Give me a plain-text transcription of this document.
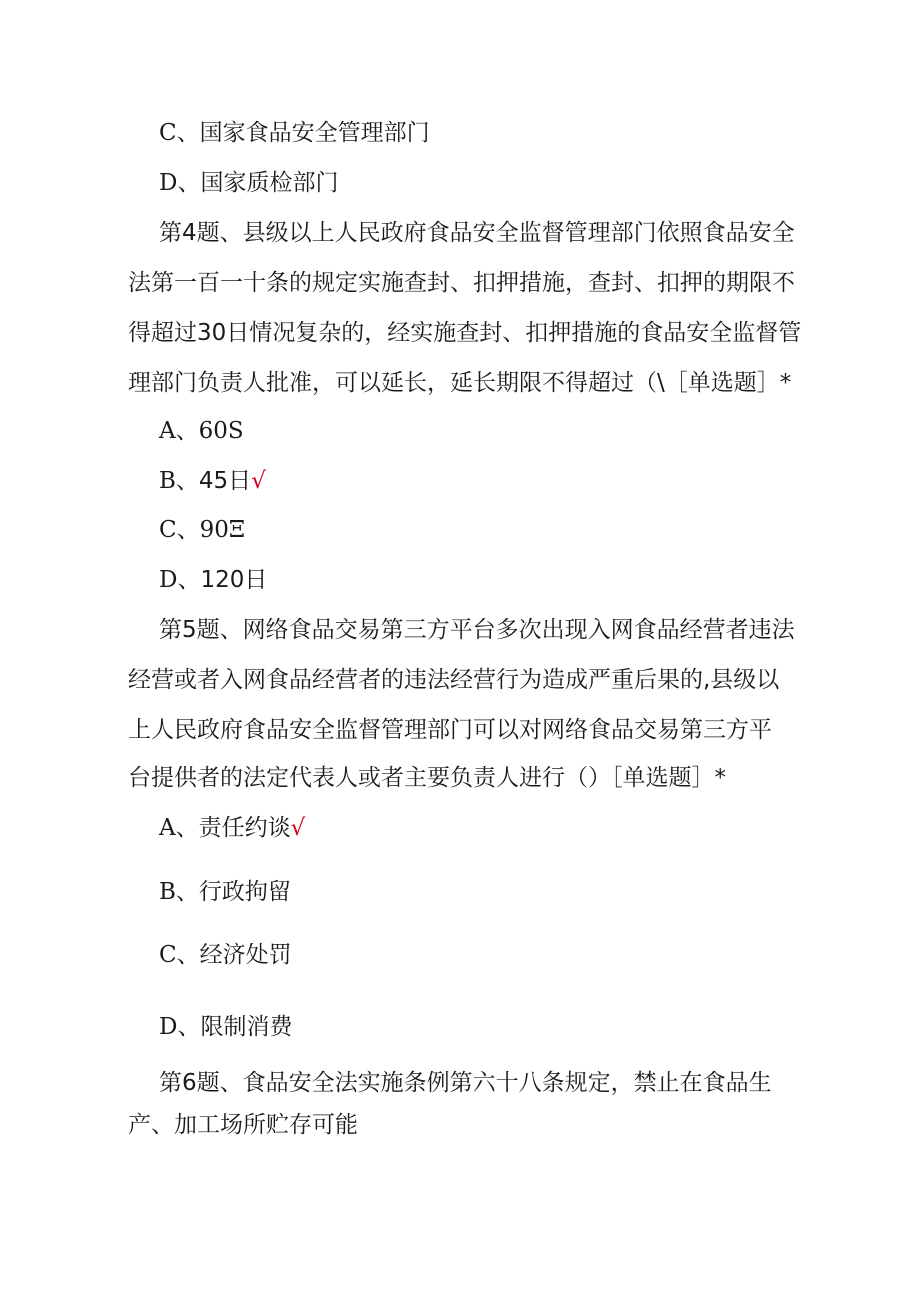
C、国家食品安全管理部门
D、国家质检部门
第4题、县级以上人民政府食品安全监督管理部门依照食品安全
法第一百一十条的规定实施查封、扣押措施，查封、扣押的期限不
得超过30日情况复杂的，经实施查封、扣押措施的食品安全监督管
理部门负责人批准，可以延长，延长期限不得超过（\［单选题］*
A、60S
B、45日√
C、90Ξ
D、120日
第5题、网络食品交易第三方平台多次出现入网食品经营者违法
经营或者入网食品经营者的违法经营行为造成严重后果的,县级以
上人民政府食品安全监督管理部门可以对网络食品交易第三方平
台提供者的法定代表人或者主要负责人进行（）［单选题］*
A、责任约谈√
B、行政拘留
C、经济处罚
D、限制消费
第6题、食品安全法实施条例第六十八条规定，禁止在食品生
产、加工场所贮存可能
